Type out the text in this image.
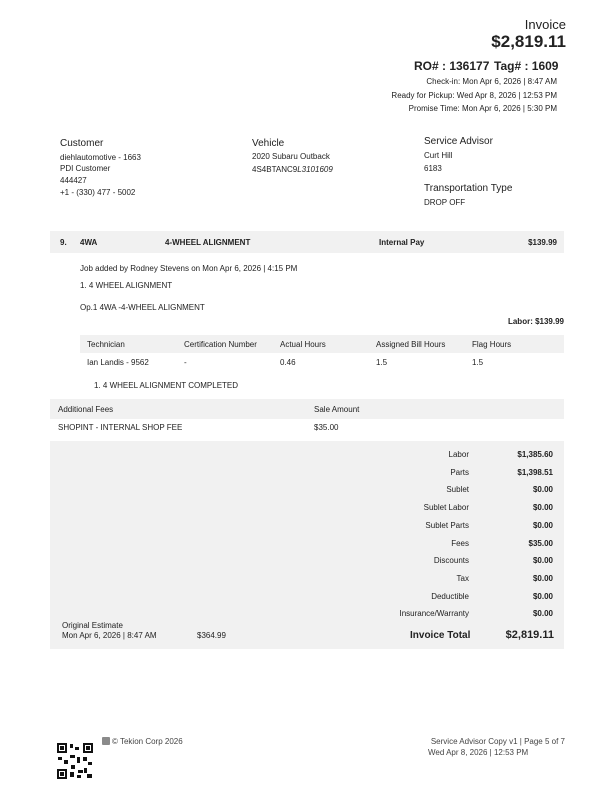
Invoice
$2,819.11
RO# : 136177 Tag# : 1609
Check-in: Mon Apr 6, 2026 | 8:47 AM
Ready for Pickup: Wed Apr 8, 2026 | 12:53 PM
Promise Time: Mon Apr 6, 2026 | 5:30 PM
Customer
diehlautomotive - 1663
PDI Customer
444427
+1 - (330) 477 - 5002
Vehicle
2020 Subaru Outback
4S4BTANC9L3101609
Service Advisor
Curt Hill
6183
Transportation Type
DROP OFF
9. 4WA	4-WHEEL ALIGNMENT	Internal Pay	$139.99
Job added by Rodney Stevens on Mon Apr 6, 2026 | 4:15 PM
1. 4 WHEEL ALIGNMENT
Op.1 4WA -4-WHEEL ALIGNMENT
Labor: $139.99
Technician	Certification Number	Actual Hours	Assigned Bill Hours	Flag Hours
Ian Landis - 9562	-	0.46	1.5	1.5
1. 4 WHEEL ALIGNMENT COMPLETED
Additional Fees	Sale Amount
SHOPINT - INTERNAL SHOP FEE	$35.00
Labor	$1,385.60
Parts	$1,398.51
Sublet	$0.00
Sublet Labor	$0.00
Sublet Parts	$0.00
Fees	$35.00
Discounts	$0.00
Tax	$0.00
Deductible	$0.00
Insurance/Warranty	$0.00
Invoice Total	$2,819.11
Original Estimate
Mon Apr 6, 2026 | 8:47 AM	$364.99
© Tekion Corp 2026	Service Advisor Copy v1 | Page 5 of 7
Wed Apr 8, 2026 | 12:53 PM
